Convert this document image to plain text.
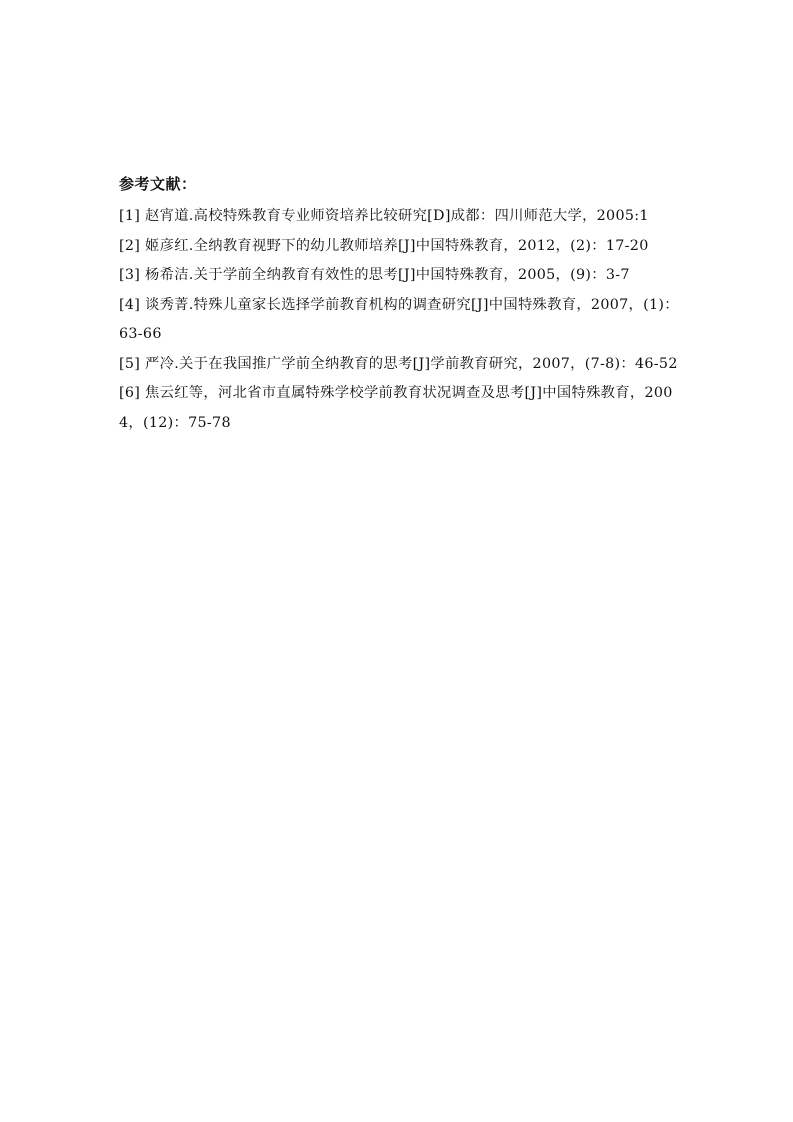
参考文献：

[1] 赵宵道.高校特殊教育专业师资培养比较研究[D]成都：四川师范大学，2005:1
[2] 姬彦红.全纳教育视野下的幼儿教师培养[J]中国特殊教育，2012，(2)：17-20
[3] 杨希洁.关于学前全纳教育有效性的思考[J]中国特殊教育，2005，(9)：3-7
[4] 谈秀菁.特殊儿童家长选择学前教育机构的调查研究[J]中国特殊教育，2007，(1)：63-66
[5] 严冷.关于在我国推广学前全纳教育的思考[J]学前教育研究，2007，(7-8)：46-52
[6] 焦云红等，河北省市直属特殊学校学前教育状况调查及思考[J]中国特殊教育，2004，(12)：75-78
